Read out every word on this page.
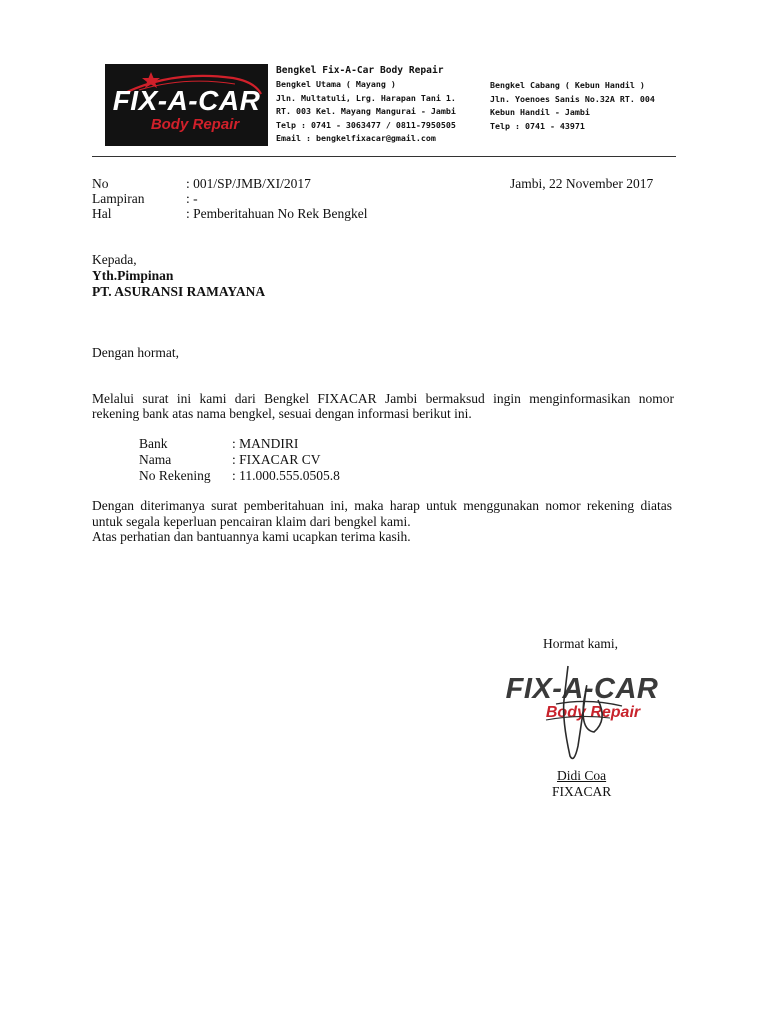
FIX-A-CAR
Body Repair
Bengkel Fix-A-Car Body Repair
Bengkel Utama ( Mayang )
Jln. Multatuli, Lrg. Harapan Tani 1.
RT. 003 Kel. Mayang Mangurai - Jambi
Telp : 0741 - 3063477 / 0811-7950505
Email : bengkelfixacar@gmail.com
Bengkel Cabang ( Kebun Handil )
Jln. Yoenoes Sanis No.32A RT. 004
Kebun Handil - Jambi
Telp : 0741 - 43971
No	: 001/SP/JMB/XI/2017	Jambi, 22 November 2017
Lampiran	: -
Hal	: Pemberitahuan No Rek Bengkel
Kepada,
Yth.Pimpinan
PT. ASURANSI RAMAYANA
Dengan hormat,
Melalui surat ini kami dari Bengkel FIXACAR Jambi bermaksud ingin menginformasikan nomor
rekening bank atas nama bengkel, sesuai dengan informasi berikut ini.
Bank	: MANDIRI
Nama	: FIXACAR CV
No Rekening : 11.000.555.0505.8
Dengan diterimanya surat pemberitahuan ini, maka harap untuk menggunakan nomor rekening diatas
untuk segala keperluan pencairan klaim dari bengkel kami.
Atas perhatian dan bantuannya kami ucapkan terima kasih.
Hormat kami,
FIX-A-CAR
Body Repair
Didi Coa
FIXACAR
